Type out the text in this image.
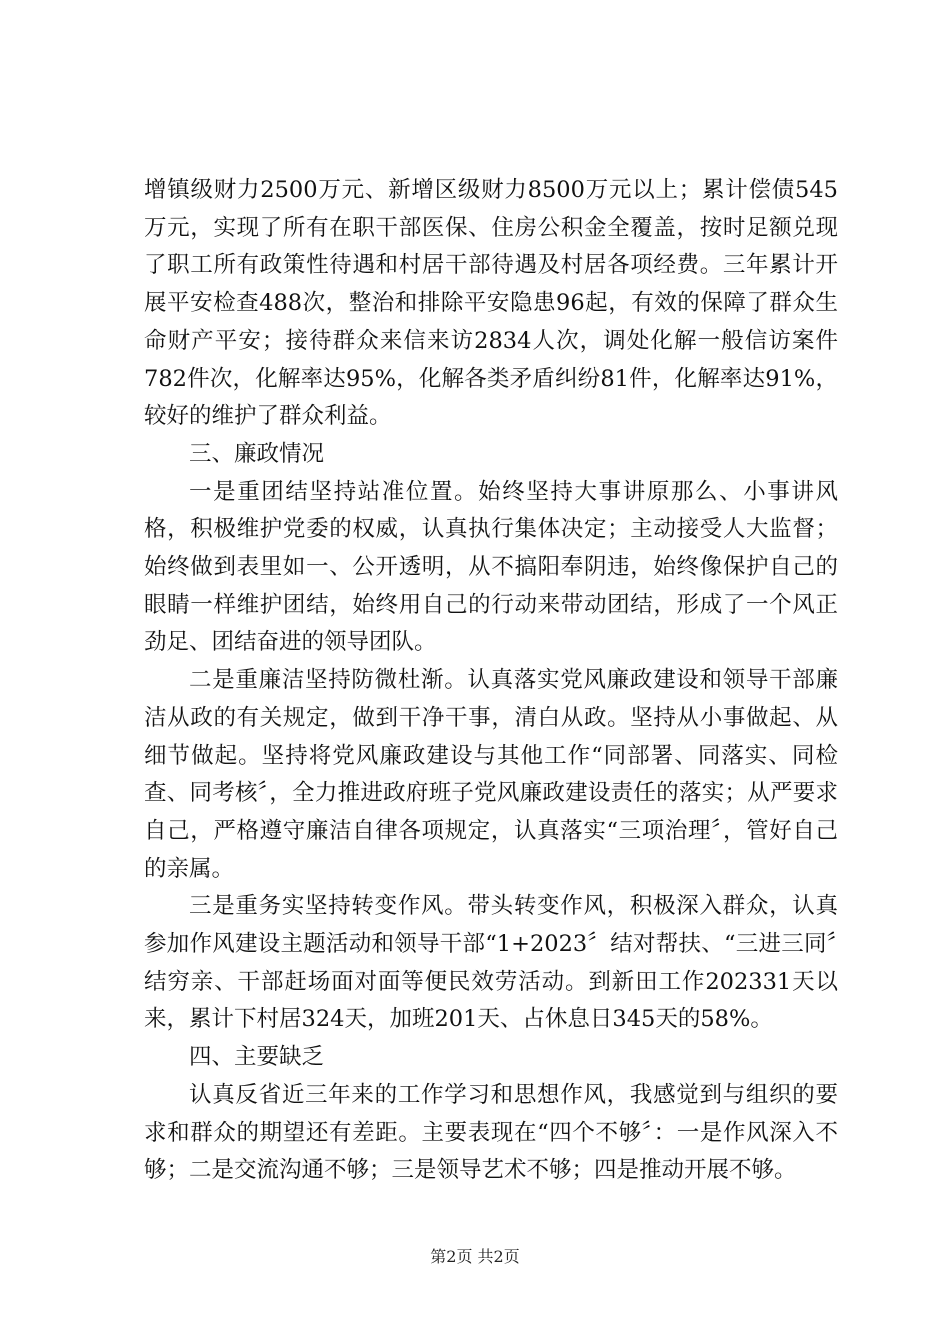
增镇级财力2500万元、新增区级财力8500万元以上；累计偿债545万元，实现了所有在职干部医保、住房公积金全覆盖，按时足额兑现了职工所有政策性待遇和村居干部待遇及村居各项经费。三年累计开展平安检查488次，整治和排除平安隐患96起，有效的保障了群众生命财产平安；接待群众来信来访2834人次，调处化解一般信访案件782件次，化解率达95%，化解各类矛盾纠纷81件，化解率达91%，较好的维护了群众利益。

三、廉政情况

一是重团结坚持站准位置。始终坚持大事讲原那么、小事讲风格，积极维护党委的权威，认真执行集体决定；主动接受人大监督；始终做到表里如一、公开透明，从不搞阳奉阴违，始终像保护自己的眼睛一样维护团结，始终用自己的行动来带动团结，形成了一个风正劲足、团结奋进的领导团队。

二是重廉洁坚持防微杜渐。认真落实党风廉政建设和领导干部廉洁从政的有关规定，做到干净干事，清白从政。坚持从小事做起、从细节做起。坚持将党风廉政建设与其他工作“同部署、同落实、同检查、同考核〞，全力推进政府班子党风廉政建设责任的落实；从严要求自己，严格遵守廉洁自律各项规定，认真落实“三项治理〞，管好自己的亲属。

三是重务实坚持转变作风。带头转变作风，积极深入群众，认真参加作风建设主题活动和领导干部“1+2023〞结对帮扶、“三进三同〞结穷亲、干部赶场面对面等便民效劳活动。到新田工作202331天以来，累计下村居324天，加班201天、占休息日345天的58%。

四、主要缺乏

认真反省近三年来的工作学习和思想作风，我感觉到与组织的要求和群众的期望还有差距。主要表现在“四个不够〞：一是作风深入不够；二是交流沟通不够；三是领导艺术不够；四是推动开展不够。

第2页 共2页
